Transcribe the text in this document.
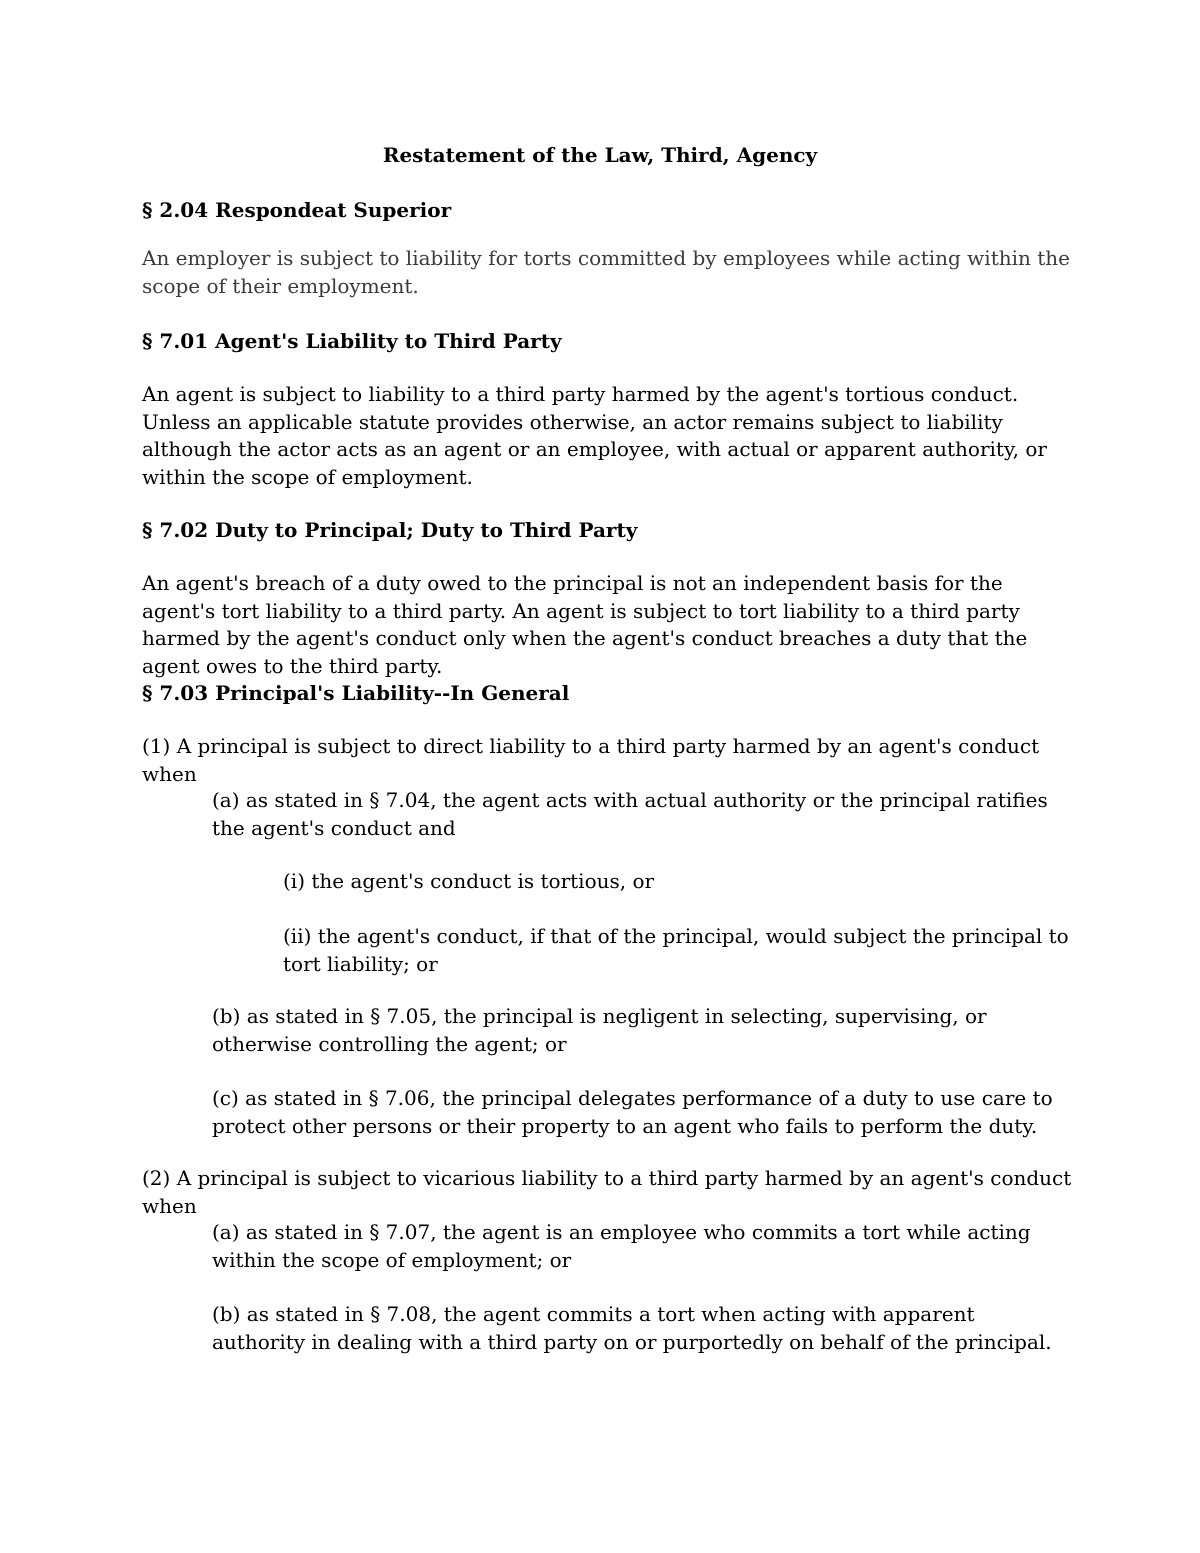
Restatement of the Law, Third, Agency

§ 2.04 Respondeat Superior

An employer is subject to liability for torts committed by employees while acting within the scope of their employment.

§ 7.01 Agent's Liability to Third Party

An agent is subject to liability to a third party harmed by the agent's tortious conduct. Unless an applicable statute provides otherwise, an actor remains subject to liability although the actor acts as an agent or an employee, with actual or apparent authority, or within the scope of employment.

§ 7.02 Duty to Principal; Duty to Third Party

An agent's breach of a duty owed to the principal is not an independent basis for the agent's tort liability to a third party. An agent is subject to tort liability to a third party harmed by the agent's conduct only when the agent's conduct breaches a duty that the agent owes to the third party.

§ 7.03 Principal's Liability--In General

(1) A principal is subject to direct liability to a third party harmed by an agent's conduct when

(a) as stated in § 7.04, the agent acts with actual authority or the principal ratifies the agent's conduct and

(i) the agent's conduct is tortious, or

(ii) the agent's conduct, if that of the principal, would subject the principal to tort liability; or

(b) as stated in § 7.05, the principal is negligent in selecting, supervising, or otherwise controlling the agent; or

(c) as stated in § 7.06, the principal delegates performance of a duty to use care to protect other persons or their property to an agent who fails to perform the duty.

(2) A principal is subject to vicarious liability to a third party harmed by an agent's conduct when

(a) as stated in § 7.07, the agent is an employee who commits a tort while acting within the scope of employment; or

(b) as stated in § 7.08, the agent commits a tort when acting with apparent authority in dealing with a third party on or purportedly on behalf of the principal.
